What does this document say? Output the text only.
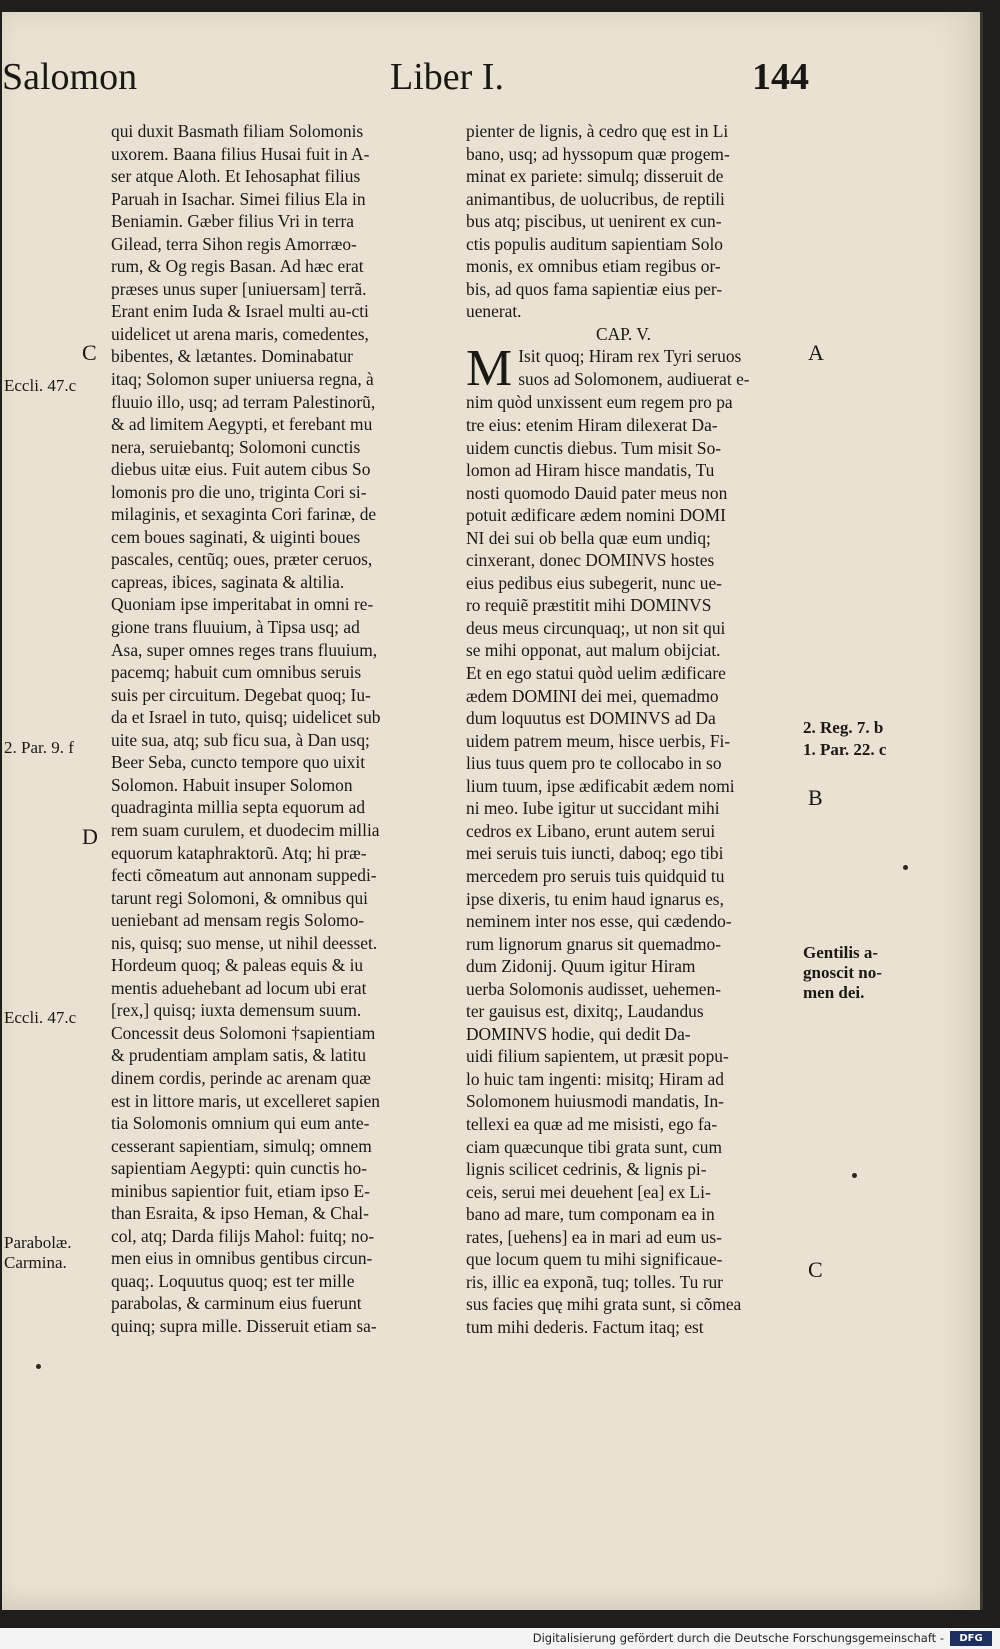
Salomon	Liber I.	144
qui duxit Basmath filiam Solomonis
uxorem. Baana filius Husai fuit in A-
ser atque Aloth. Et Iehosaphat filius
Paruah in Isachar. Simei filius Ela in
Beniamin. Gæber filius Vri in terra
Gilead, terra Sihon regis Amorræo-
rum, & Og regis Basan. Ad hæc erat
præses unus super [uniuersam] terrã.
Erant enim Iuda & Israel multi au-cti
uidelicet ut arena maris, comedentes,
bibentes, & lætantes. Dominabatur
itaq; Solomon super uniuersa regna, à
fluuio illo, usq; ad terram Palestinorũ,
& ad limitem Aegypti, et ferebant mu
nera, seruiebantq; Solomoni cunctis
diebus uitæ eius. Fuit autem cibus So
lomonis pro die uno, triginta Cori si-
milaginis, et sexaginta Cori farinæ, de
cem boues saginati, & uiginti boues
pascales, centũq; oues, præter ceruos,
capreas, ibices, saginata & altilia.
Quoniam ipse imperitabat in omni re-
gione trans fluuium, à Tipsa usq; ad
Asa, super omnes reges trans fluuium,
pacemq; habuit cum omnibus seruis
suis per circuitum. Degebat quoq; Iu-
da et Israel in tuto, quisq; uidelicet sub
uite sua, atq; sub ficu sua, à Dan usq;
Beer Seba, cuncto tempore quo uixit
Solomon. Habuit insuper Solomon
quadraginta millia septa equorum ad
rem suam curulem, et duodecim millia
equorum kataphraktorũ. Atq; hi præ-
fecti cõmeatum aut annonam suppedi-
tarunt regi Solomoni, & omnibus qui
ueniebant ad mensam regis Solomo-
nis, quisq; suo mense, ut nihil deesset.
Hordeum quoq; & paleas equis & iu
mentis aduehebant ad locum ubi erat
[rex,] quisq; iuxta demensum suum.
Concessit deus Solomoni †sapientiam
& prudentiam amplam satis, & latitu
dinem cordis, perinde ac arenam quæ
est in littore maris, ut excelleret sapien
tia Solomonis omnium qui eum ante-
cesserant sapientiam, simulq; omnem
sapientiam Aegypti: quin cunctis ho-
minibus sapientior fuit, etiam ipso E-
than Esraita, & ipso Heman, & Chal-
col, atq; Darda filijs Mahol: fuitq; no-
men eius in omnibus gentibus circun-
quaq;. Loquutus quoq; est ter mille
parabolas, & carminum eius fuerunt
quinq; supra mille. Disseruit etiam sa-
pienter de lignis, à cedro quę est in Li
bano, usq; ad hyssopum quæ progem-
minat ex pariete: simulq; disseruit de
animantibus, de uolucribus, de reptili
bus atq; piscibus, ut uenirent ex cun-
ctis populis auditum sapientiam Solo
monis, ex omnibus etiam regibus or-
bis, ad quos fama sapientiæ eius per-
uenerat.
CAP. V.
M Isit quoq; Hiram rex Tyri seruos
suos ad Solomonem, audiuerat e-
nim quòd unxissent eum regem pro pa
tre eius: etenim Hiram dilexerat Da-
uidem cunctis diebus. Tum misit So-
lomon ad Hiram hisce mandatis, Tu
nosti quomodo Dauid pater meus non
potuit ædificare ædem nomini DOMI
NI dei sui ob bella quæ eum undiq;
cinxerant, donec DOMINVS hostes
eius pedibus eius subegerit, nunc ue-
ro requiẽ præstitit mihi DOMINVS
deus meus circunquaq;, ut non sit qui
se mihi opponat, aut malum obijciat.
Et en ego statui quòd uelim ædificare
ædem DOMINI dei mei, quemadmo
dum loquutus est DOMINVS ad Da
uidem patrem meum, hisce uerbis, Fi-
lius tuus quem pro te collocabo in so
lium tuum, ipse ædificabit ædem nomi
ni meo. Iube igitur ut succidant mihi
cedros ex Libano, erunt autem serui
mei seruis tuis iuncti, daboq; ego tibi
mercedem pro seruis tuis quidquid tu
ipse dixeris, tu enim haud ignarus es,
neminem inter nos esse, qui cædendo-
rum lignorum gnarus sit quemadmo-
dum Zidonij. Quum igitur Hiram
uerba Solomonis audisset, uehemen-
ter gauisus est, dixitq;, Laudandus
DOMINVS hodie, qui dedit Da-
uidi filium sapientem, ut præsit popu-
lo huic tam ingenti: misitq; Hiram ad
Solomonem huiusmodi mandatis, In-
tellexi ea quæ ad me misisti, ego fa-
ciam quæcunque tibi grata sunt, cum
lignis scilicet cedrinis, & lignis pi-
ceis, serui mei deuehent [ea] ex Li-
bano ad mare, tum componam ea in
rates, [uehens] ea in mari ad eum us-
que locum quem tu mihi significaue-
ris, illic ea exponã, tuq; tolles. Tu rur
sus facies quę mihi grata sunt, si cõmea
tum mihi dederis. Factum itaq; est
Eccli. 47.c
2. Par. 9. f
Eccli. 47.c
Parabolæ.
Carmina.
C
D
2. Reg. 7. b
1. Par. 22. c
Gentilis a-
gnoscit no-
men dei.
A
B
C
Digitalisierung gefördert durch die Deutsche Forschungsgemeinschaft -	DFG
